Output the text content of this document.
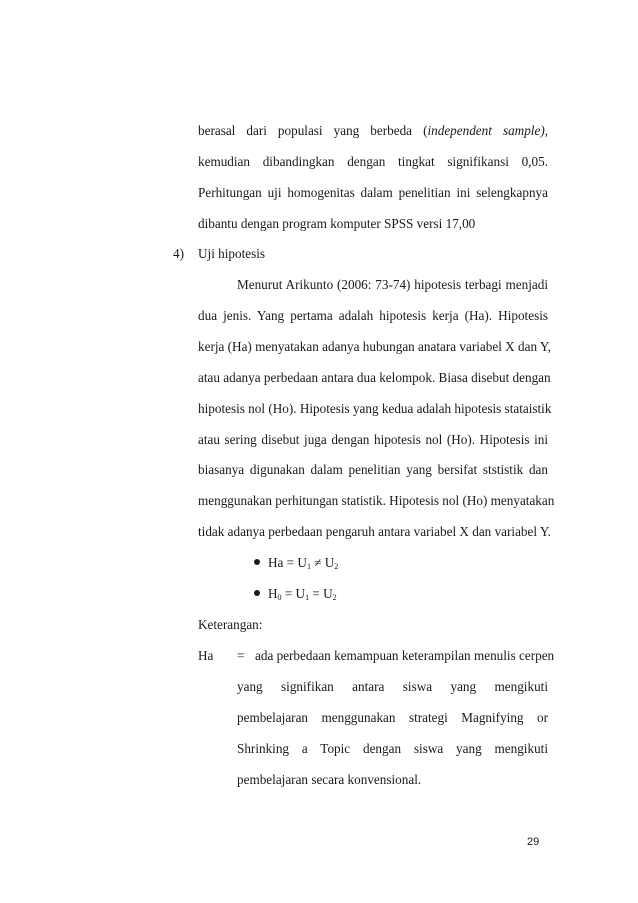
berasal dari populasi yang berbeda (independent sample),
kemudian dibandingkan dengan tingkat signifikansi 0,05.
Perhitungan uji homogenitas dalam penelitian ini selengkapnya
dibantu dengan program komputer SPSS versi 17,00
4) Uji hipotesis
Menurut Arikunto (2006: 73-74) hipotesis terbagi menjadi
dua jenis. Yang pertama adalah hipotesis kerja (Ha). Hipotesis
kerja (Ha) menyatakan adanya hubungan anatara variabel X dan Y,
atau adanya perbedaan antara dua kelompok. Biasa disebut dengan
hipotesis nol (Ho). Hipotesis yang kedua adalah hipotesis stataistik
atau sering disebut juga dengan hipotesis nol (Ho). Hipotesis ini
biasanya digunakan dalam penelitian yang bersifat ststistik dan
menggunakan perhitungan statistik. Hipotesis nol (Ho) menyatakan
tidak adanya perbedaan pengaruh antara variabel X dan variabel Y.
$Ha = U_1 \ne U_2$
$H_0 = U_1 = U_2$
Keterangan:
Ha = ada perbedaan kemampuan keterampilan menulis cerpen
yang signifikan antara siswa yang mengikuti
pembelajaran menggunakan strategi Magnifying or
Shrinking a Topic dengan siswa yang mengikuti
pembelajaran secara konvensional.
29
